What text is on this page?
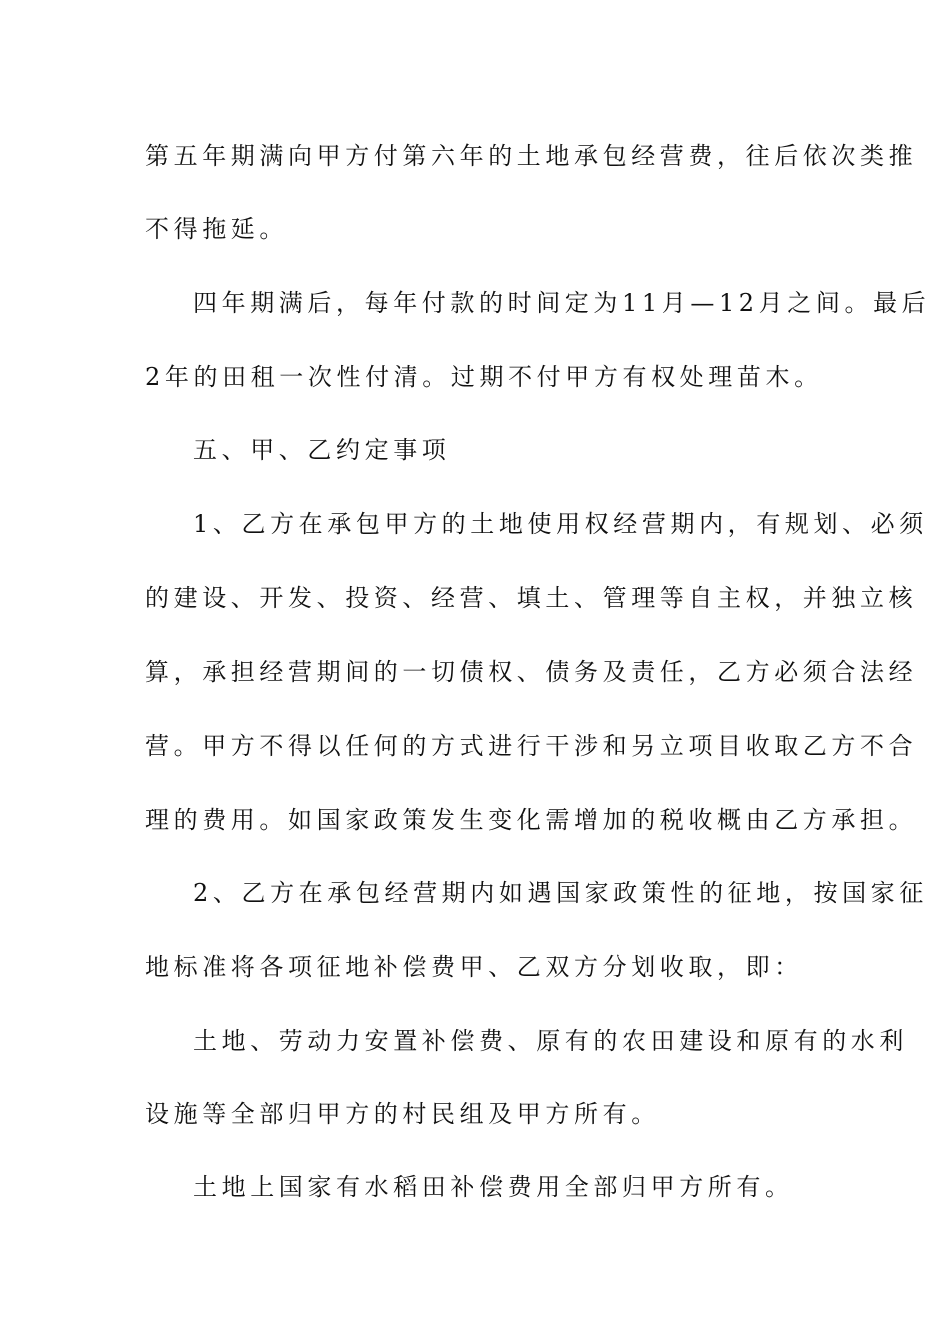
第五年期满向甲方付第六年的土地承包经营费，往后依次类推
不得拖延。
四年期满后，每年付款的时间定为11月—12月之间。最后
2年的田租一次性付清。过期不付甲方有权处理苗木。
五、甲、乙约定事项
1、乙方在承包甲方的土地使用权经营期内，有规划、必须
的建设、开发、投资、经营、填土、管理等自主权，并独立核
算，承担经营期间的一切债权、债务及责任，乙方必须合法经
营。甲方不得以任何的方式进行干涉和另立项目收取乙方不合
理的费用。如国家政策发生变化需增加的税收概由乙方承担。
2、乙方在承包经营期内如遇国家政策性的征地，按国家征
地标准将各项征地补偿费甲、乙双方分划收取，即：
土地、劳动力安置补偿费、原有的农田建设和原有的水利
设施等全部归甲方的村民组及甲方所有。
土地上国家有水稻田补偿费用全部归甲方所有。
